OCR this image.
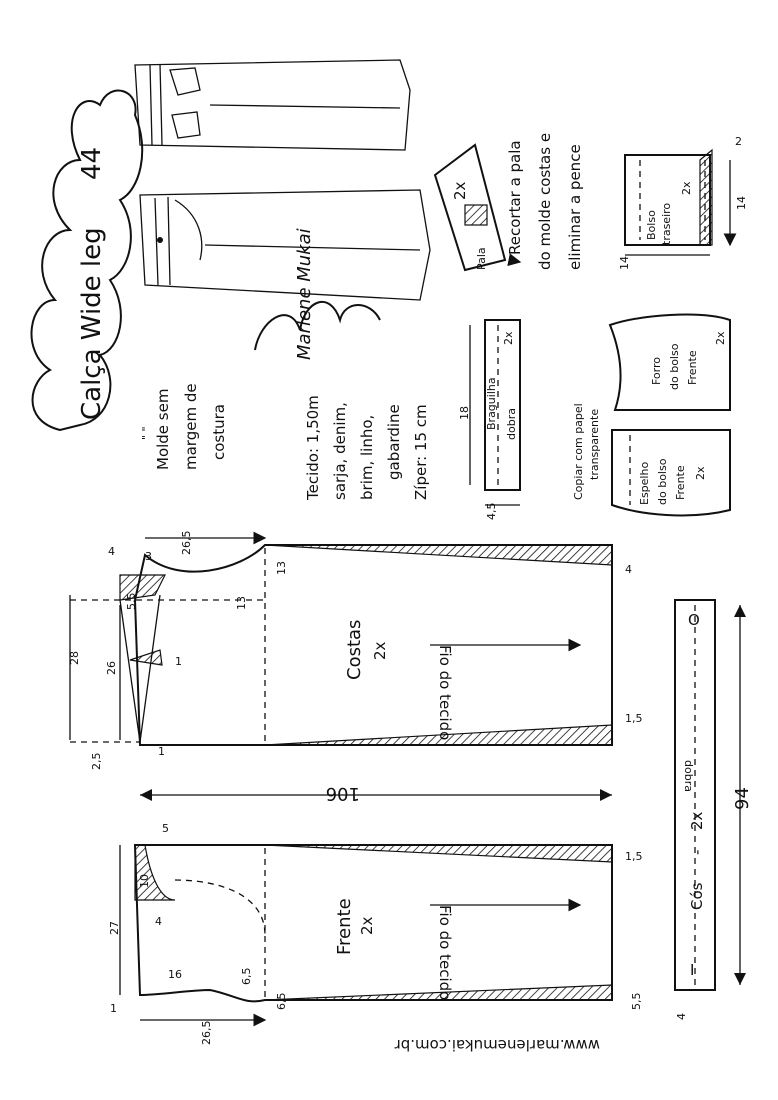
Calça Wide leg
44
" " Molde sem margem de costura
Marlene Mukai
Tecido: 1,50m sarja, denim, brim, linho, gabardine Zíper: 15 cm
2x
Pala
Recortar a pala do molde costas e eliminar a pence	Bolso traseiro
2x
14
14
2
Braguilha
2x
dobra
18
4,5
Copiar com papel transparente
Forro do bolso Frente
2x
Espelho do bolso Frente 2x
Costas 2x	Fio do tecido
26,5
28
26
4	3
5,5
1
13
13
4
1,5
2,5
1
106
Frente 2x	Fio do tecido
26,5
27
10
5
4
16	6,5
6,5
1,5
5,5
1
O
I
dobra
Cós
-
2x
94
4
www.marlenemukai.com.br
